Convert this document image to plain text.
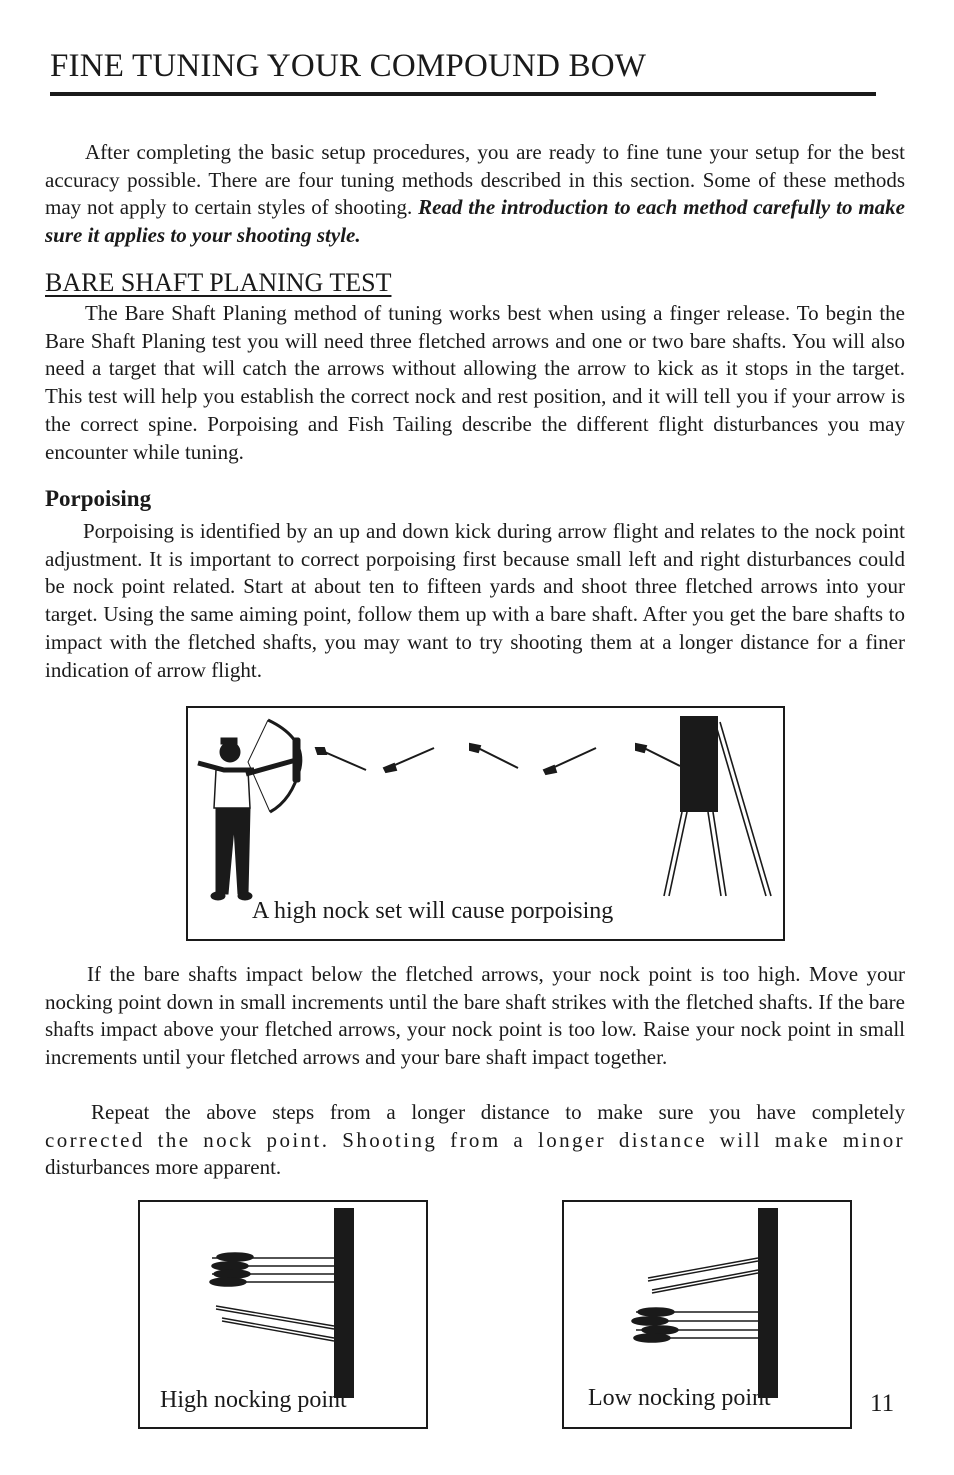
FINE TUNING YOUR COMPOUND BOW

After completing the basic setup procedures, you are ready to fine tune your setup for the best accuracy possible. There are four tuning methods described in this section. Some of these methods may not apply to certain styles of shooting. Read the introduction to each method carefully to make sure it applies to your shooting style.

BARE SHAFT PLANING TEST

The Bare Shaft Planing method of tuning works best when using a finger release. To begin the Bare Shaft Planing test you will need three fletched arrows and one or two bare shafts. You will also need a target that will catch the arrows without allowing the arrow to kick as it stops in the target. This test will help you establish the correct nock and rest position, and it will tell you if your arrow is the correct spine. Porpoising and Fish Tailing describe the different flight disturbances you may encounter while tuning.

Porpoising

Porpoising is identified by an up and down kick during arrow flight and relates to the nock point adjustment. It is important to correct porpoising first because small left and right disturbances could be nock point related. Start at about ten to fifteen yards and shoot three fletched arrows into your target. Using the same aiming point, follow them up with a bare shaft. After you get the bare shafts to impact with the fletched shafts, you may want to try shooting them at a longer distance for a finer indication of arrow flight.

A high nock set will cause porpoising

If the bare shafts impact below the fletched arrows, your nock point is too high. Move your nocking point down in small increments until the bare shaft strikes with the fletched shafts. If the bare shafts impact above your fletched arrows, your nock point is too low. Raise your nock point in small increments until your fletched arrows and your bare shaft impact together.

Repeat the above steps from a longer distance to make sure you have completely
corrected the nock point. Shooting from a longer distance will make minor
disturbances more apparent.
High nocking point	Low nocking point	11
